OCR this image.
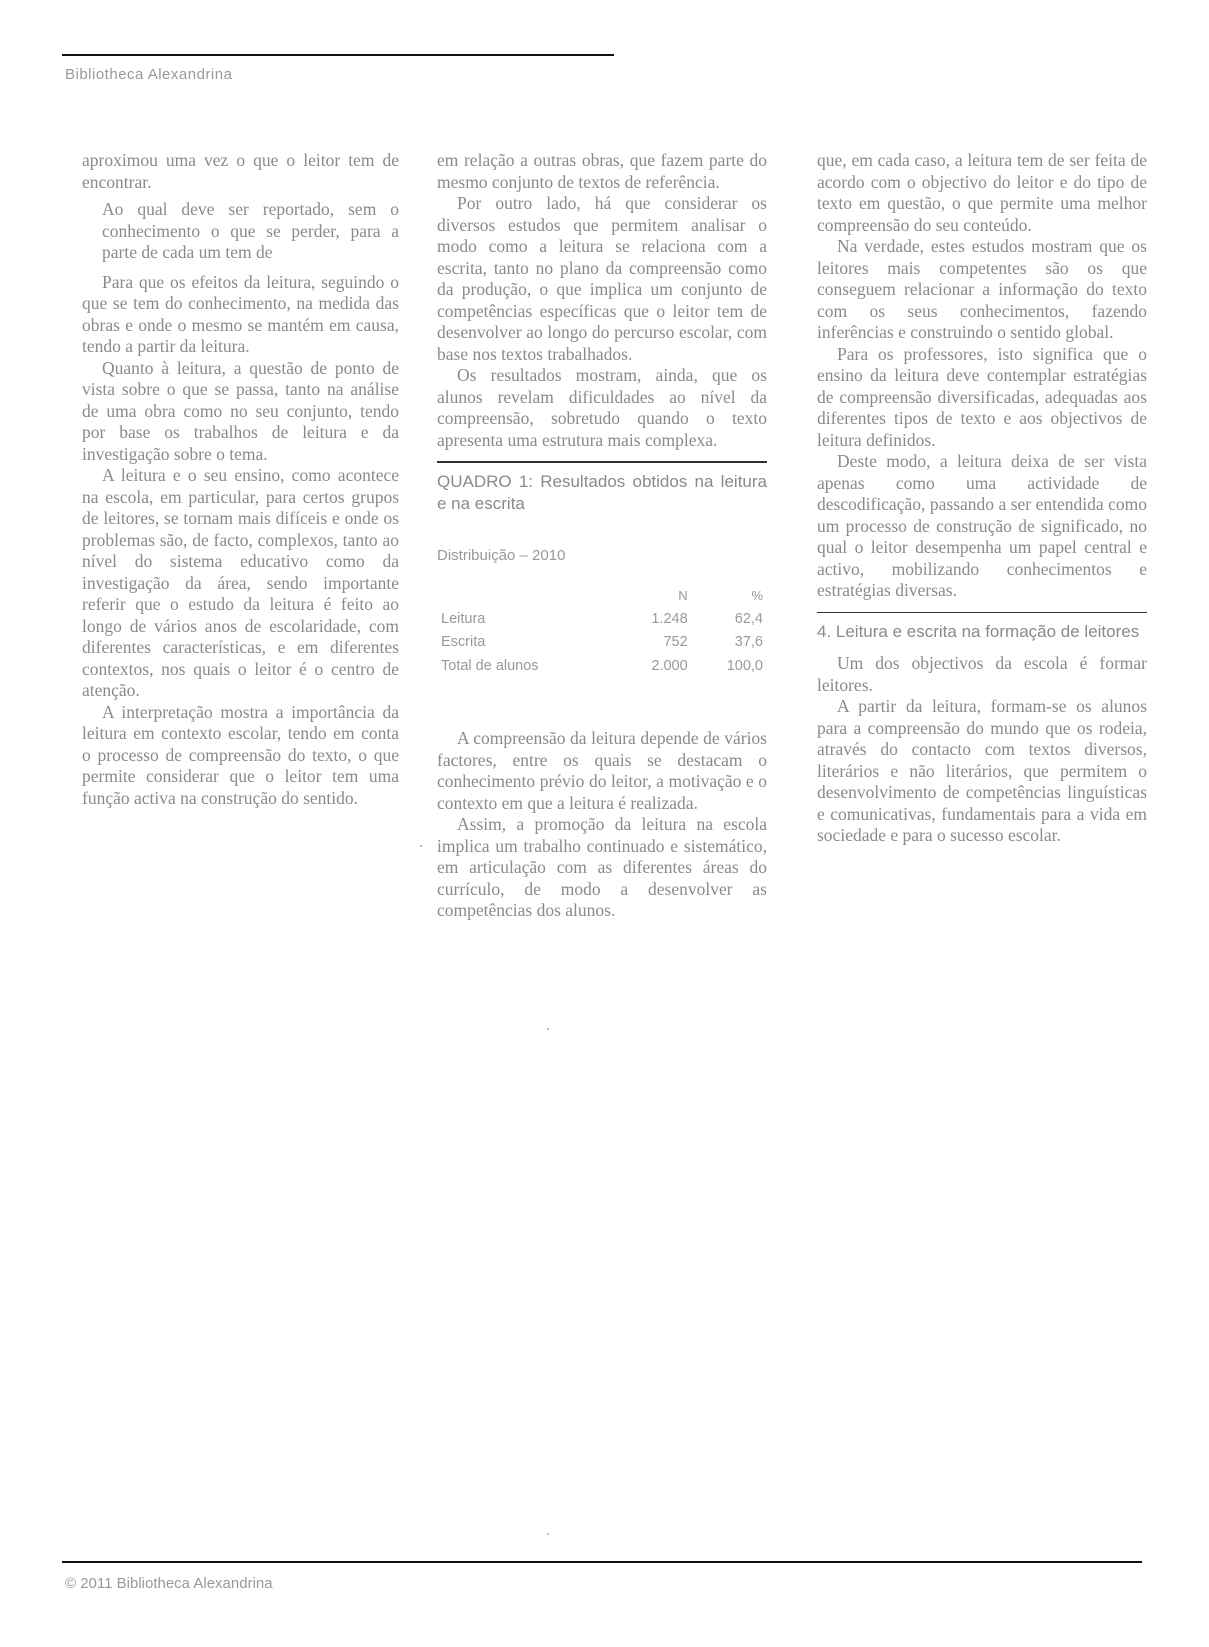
Bibliotheca Alexandrina

aproximou uma vez o que o leitor tem de encontrar.

Ao qual deve ser reportado, sem o conhecimento o que se perder, para a parte de cada um tem de

Para que os efeitos da leitura, seguindo o que se tem do conhecimento, na medida das obras e onde o mesmo se mantém em causa, tendo a partir da leitura.

Quanto à leitura, a questão de ponto de vista sobre o que se passa, tanto na análise de uma obra como no seu conjunto, tendo por base os trabalhos de leitura e da investigação sobre o tema.

A leitura e o seu ensino, como acontece na escola, em particular, para certos grupos de leitores, se tornam mais difíceis e onde os problemas são, de facto, complexos, tanto ao nível do sistema educativo como da investigação da área, sendo importante referir que o estudo da leitura é feito ao longo de vários anos de escolaridade, com diferentes características, e em diferentes contextos, nos quais o leitor é o centro de atenção.

A interpretação mostra a importância da leitura em contexto escolar, tendo em conta o processo de compreensão do texto, o que permite considerar que o leitor tem uma função activa na construção do sentido.

em relação a outras obras, que fazem parte do mesmo conjunto de textos de referência.

Por outro lado, há que considerar os diversos estudos que permitem analisar o modo como a leitura se relaciona com a escrita, tanto no plano da compreensão como da produção, o que implica um conjunto de competências específicas que o leitor tem de desenvolver ao longo do percurso escolar, com base nos textos trabalhados.

Os resultados mostram, ainda, que os alunos revelam dificuldades ao nível da compreensão, sobretudo quando o texto apresenta uma estrutura mais complexa.

QUADRO 1: Resultados obtidos na leitura e na escrita
Distribuição – 2010
	N	%
Leitura	1.248	62,4
Escrita	752	37,6
Total de alunos	2.000	100,0

A compreensão da leitura depende de vários factores, entre os quais se destacam o conhecimento prévio do leitor, a motivação e o contexto em que a leitura é realizada.

Assim, a promoção da leitura na escola implica um trabalho continuado e sistemático, em articulação com as diferentes áreas do currículo, de modo a desenvolver as competências dos alunos.

que, em cada caso, a leitura tem de ser feita de acordo com o objectivo do leitor e do tipo de texto em questão, o que permite uma melhor compreensão do seu conteúdo.

Na verdade, estes estudos mostram que os leitores mais competentes são os que conseguem relacionar a informação do texto com os seus conhecimentos, fazendo inferências e construindo o sentido global.

Para os professores, isto significa que o ensino da leitura deve contemplar estratégias de compreensão diversificadas, adequadas aos diferentes tipos de texto e aos objectivos de leitura definidos.

Deste modo, a leitura deixa de ser vista apenas como uma actividade de descodificação, passando a ser entendida como um processo de construção de significado, no qual o leitor desempenha um papel central e activo, mobilizando conhecimentos e estratégias diversas.

4. Leitura e escrita na formação de leitores

Um dos objectivos da escola é formar leitores.

A partir da leitura, formam-se os alunos para a compreensão do mundo que os rodeia, através do contacto com textos diversos, literários e não literários, que permitem o desenvolvimento de competências linguísticas e comunicativas, fundamentais para a vida em sociedade e para o sucesso escolar.

© 2011 Bibliotheca Alexandrina
